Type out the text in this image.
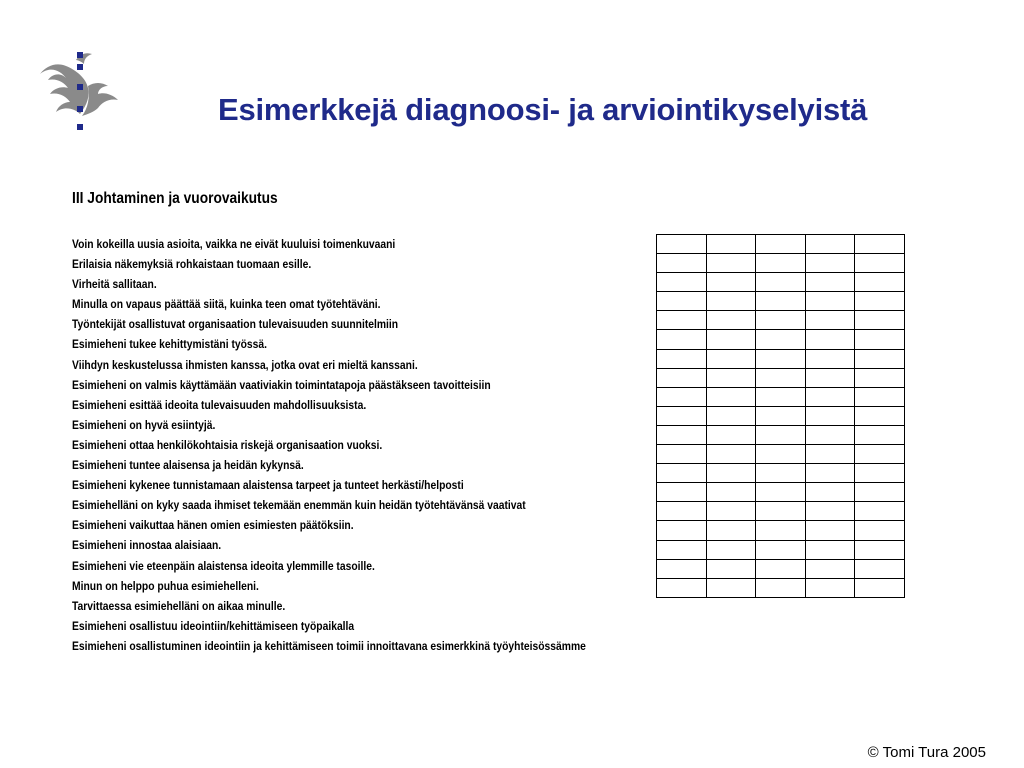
Esimerkkejä diagnoosi- ja arviointikyselyistä
III Johtaminen ja vuorovaikutus
Voin kokeilla uusia asioita, vaikka ne eivät kuuluisi toimenkuvaani
Erilaisia näkemyksiä rohkaistaan tuomaan esille.
Virheitä sallitaan.
Minulla on vapaus päättää siitä, kuinka teen omat työtehtäväni.
Työntekijät osallistuvat organisaation tulevaisuuden suunnitelmiin
Esimieheni tukee kehittymistäni työssä.
Viihdyn keskustelussa ihmisten kanssa, jotka ovat eri mieltä kanssani.
Esimieheni on valmis käyttämään vaativiakin toimintatapoja päästäkseen tavoitteisiin
Esimieheni esittää ideoita tulevaisuuden mahdollisuuksista.
Esimieheni on hyvä esiintyjä.
Esimieheni ottaa henkilökohtaisia riskejä organisaation vuoksi.
Esimieheni tuntee alaisensa ja heidän kykynsä.
Esimieheni kykenee tunnistamaan alaistensa tarpeet ja tunteet herkästi/helposti
Esimiehelläni on kyky saada ihmiset tekemään enemmän kuin heidän työtehtävänsä vaativat
Esimieheni vaikuttaa hänen omien esimiesten päätöksiin.
Esimieheni innostaa alaisiaan.
Esimieheni vie eteenpäin alaistensa ideoita ylemmille tasoille.
Minun on helppo puhua esimiehelleni.
Tarvittaessa esimiehelläni on aikaa minulle.
Esimieheni osallistuu ideointiin/kehittämiseen työpaikalla
Esimieheni osallistuminen ideointiin ja kehittämiseen toimii innoittavana esimerkkinä työyhteisössämme

© Tomi Tura 2005
